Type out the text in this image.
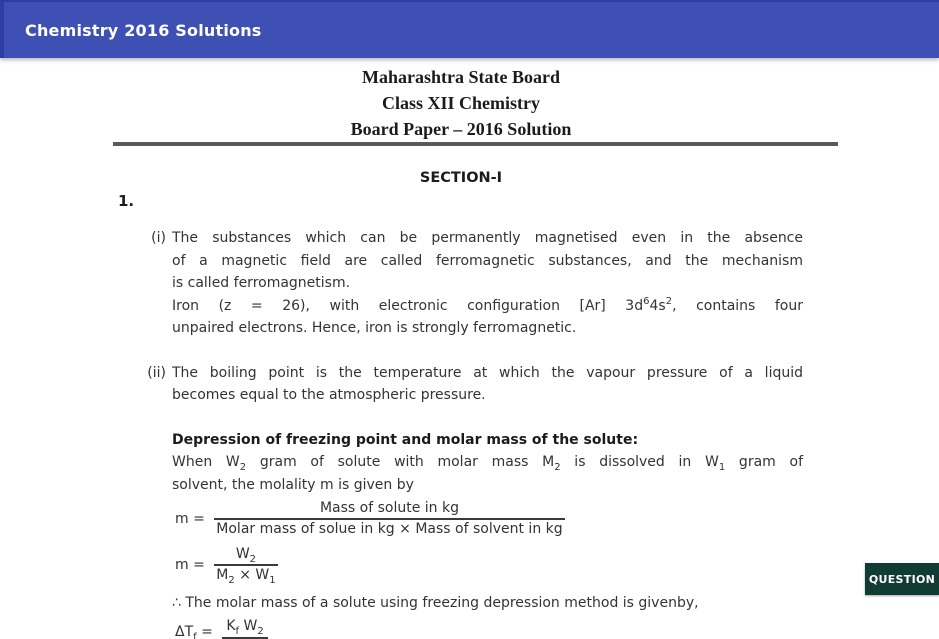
Chemistry 2016 Solutions
Maharashtra State Board
Class XII Chemistry
Board Paper – 2016 Solution
SECTION-I
1.
(i) The substances which can be permanently magnetised even in the absence
of a magnetic field are called ferromagnetic substances, and the mechanism
is called ferromagnetism.
Iron (z = 26), with electronic configuration [Ar] $3d^64s^2$, contains four
unpaired electrons. Hence, iron is strongly ferromagnetic.
(ii) The boiling point is the temperature at which the vapour pressure of a liquid
becomes equal to the atmospheric pressure.
Depression of freezing point and molar mass of the solute:
When $W_2$ gram of solute with molar mass $M_2$ is dissolved in $W_1$ gram of
solvent, the molality m is given by
$m = \frac{\text{Mass of solute in kg}}{\text{Molar mass of solue in kg × Mass of solvent in kg}}$
$m = \frac{W_2}{M_2 \times W_1}$
∴ The molar mass of a solute using freezing depression method is givenby,
$\Delta T_f = K_f$ $W_2$
QUESTION
